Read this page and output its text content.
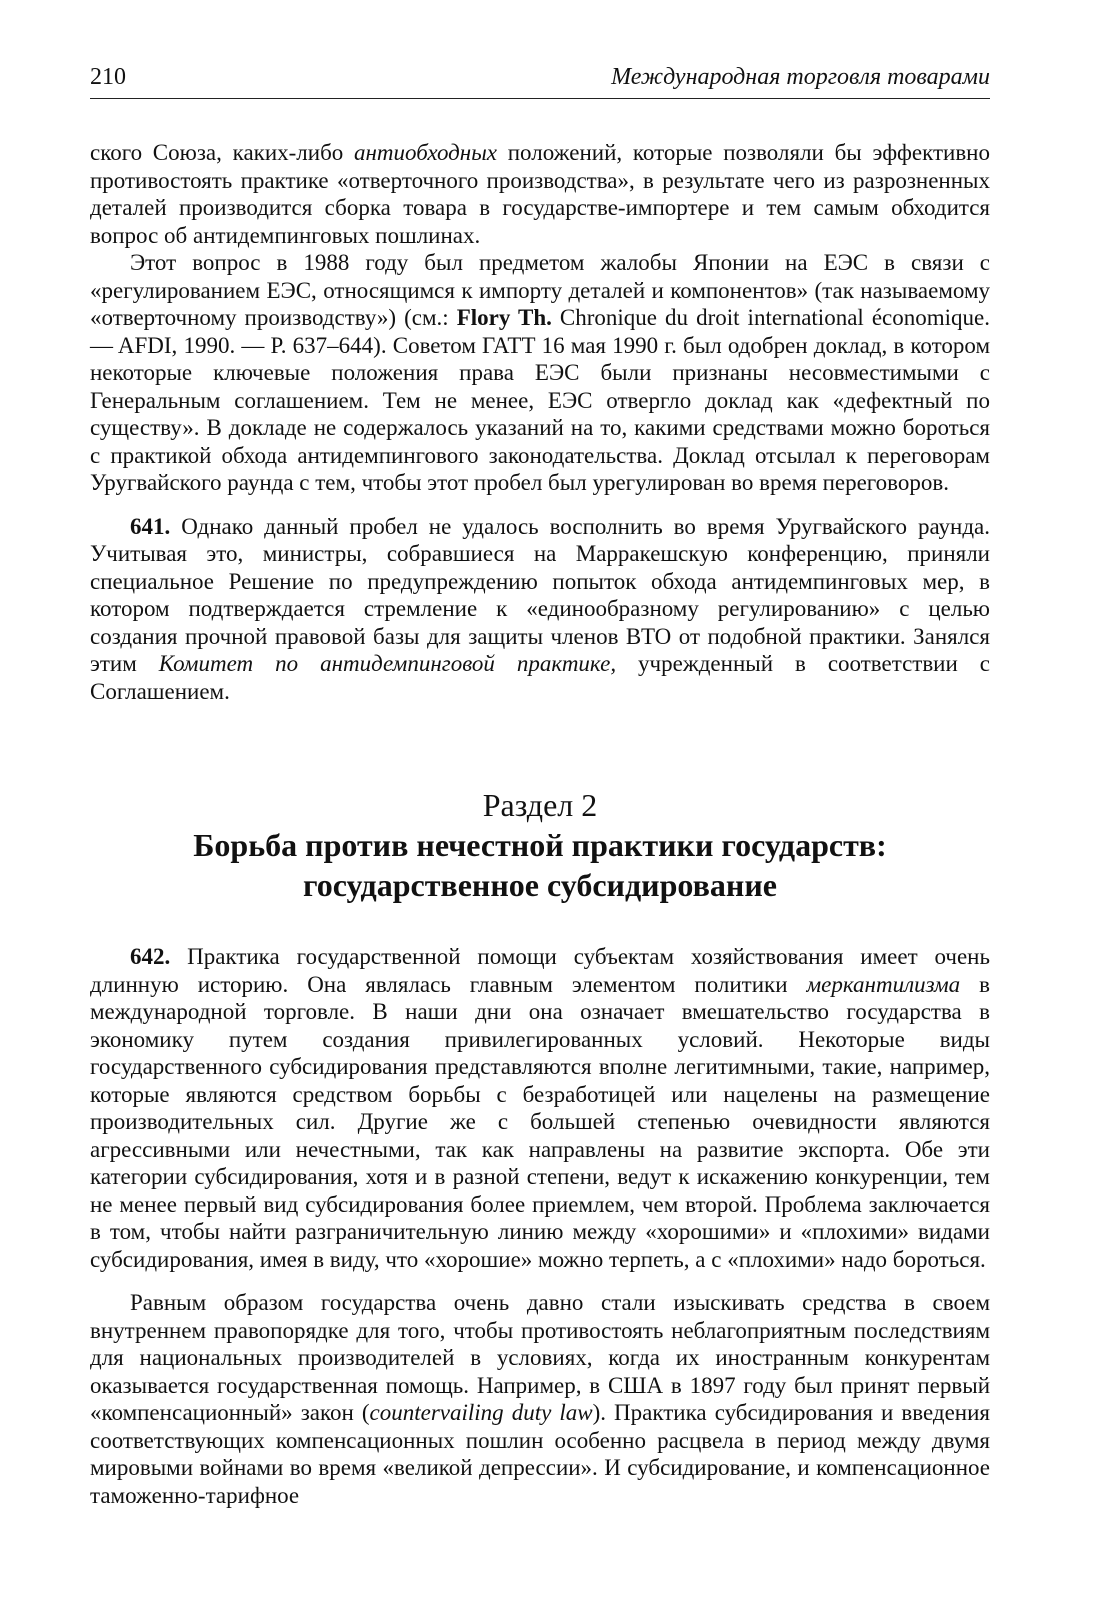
210	Международная торговля товарами

ского Союза, каких-либо антиобходных положений, которые позволяли бы эффективно противостоять практике «отверточного производства», в результате чего из разрозненных деталей производится сборка товара в государстве-импортере и тем самым обходится вопрос об антидемпинговых пошлинах.

Этот вопрос в 1988 году был предметом жалобы Японии на ЕЭС в связи с «регулированием ЕЭС, относящимся к импорту деталей и компонентов» (так называемому «отверточному производству») (см.: Flory Th. Chronique du droit international économique. — AFDI, 1990. — P. 637–644). Советом ГАТТ 16 мая 1990 г. был одобрен доклад, в котором некоторые ключевые положения права ЕЭС были признаны несовместимыми с Генеральным соглашением. Тем не менее, ЕЭС отвергло доклад как «дефектный по существу». В докладе не содержалось указаний на то, какими средствами можно бороться с практикой обхода антидемпингового законодательства. Доклад отсылал к переговорам Уругвайского раунда с тем, чтобы этот пробел был урегулирован во время переговоров.

641. Однако данный пробел не удалось восполнить во время Уругвайского раунда. Учитывая это, министры, собравшиеся на Марракешскую конференцию, приняли специальное Решение по предупреждению попыток обхода антидемпинговых мер, в котором подтверждается стремление к «единообразному регулированию» с целью создания прочной правовой базы для защиты членов ВТО от подобной практики. Занялся этим Комитет по антидемпинговой практике, учрежденный в соответствии с Соглашением.

Раздел 2
Борьба против нечестной практики государств:
государственное субсидирование

642. Практика государственной помощи субъектам хозяйствования имеет очень длинную историю. Она являлась главным элементом политики меркантилизма в международной торговле. В наши дни она означает вмешательство государства в экономику путем создания привилегированных условий. Некоторые виды государственного субсидирования представляются вполне легитимными, такие, например, которые являются средством борьбы с безработицей или нацелены на размещение производительных сил. Другие же с большей степенью очевидности являются агрессивными или нечестными, так как направлены на развитие экспорта. Обе эти категории субсидирования, хотя и в разной степени, ведут к искажению конкуренции, тем не менее первый вид субсидирования более приемлем, чем второй. Проблема заключается в том, чтобы найти разграничительную линию между «хорошими» и «плохими» видами субсидирования, имея в виду, что «хорошие» можно терпеть, а с «плохими» надо бороться.

Равным образом государства очень давно стали изыскивать средства в своем внутреннем правопорядке для того, чтобы противостоять неблагоприятным последствиям для национальных производителей в условиях, когда их иностранным конкурентам оказывается государственная помощь. Например, в США в 1897 году был принят первый «компенсационный» закон (countervailing duty law). Практика субсидирования и введения соответствующих компенсационных пошлин особенно расцвела в период между двумя мировыми войнами во время «великой депрессии». И субсидирование, и компенсационное таможенно-тарифное
